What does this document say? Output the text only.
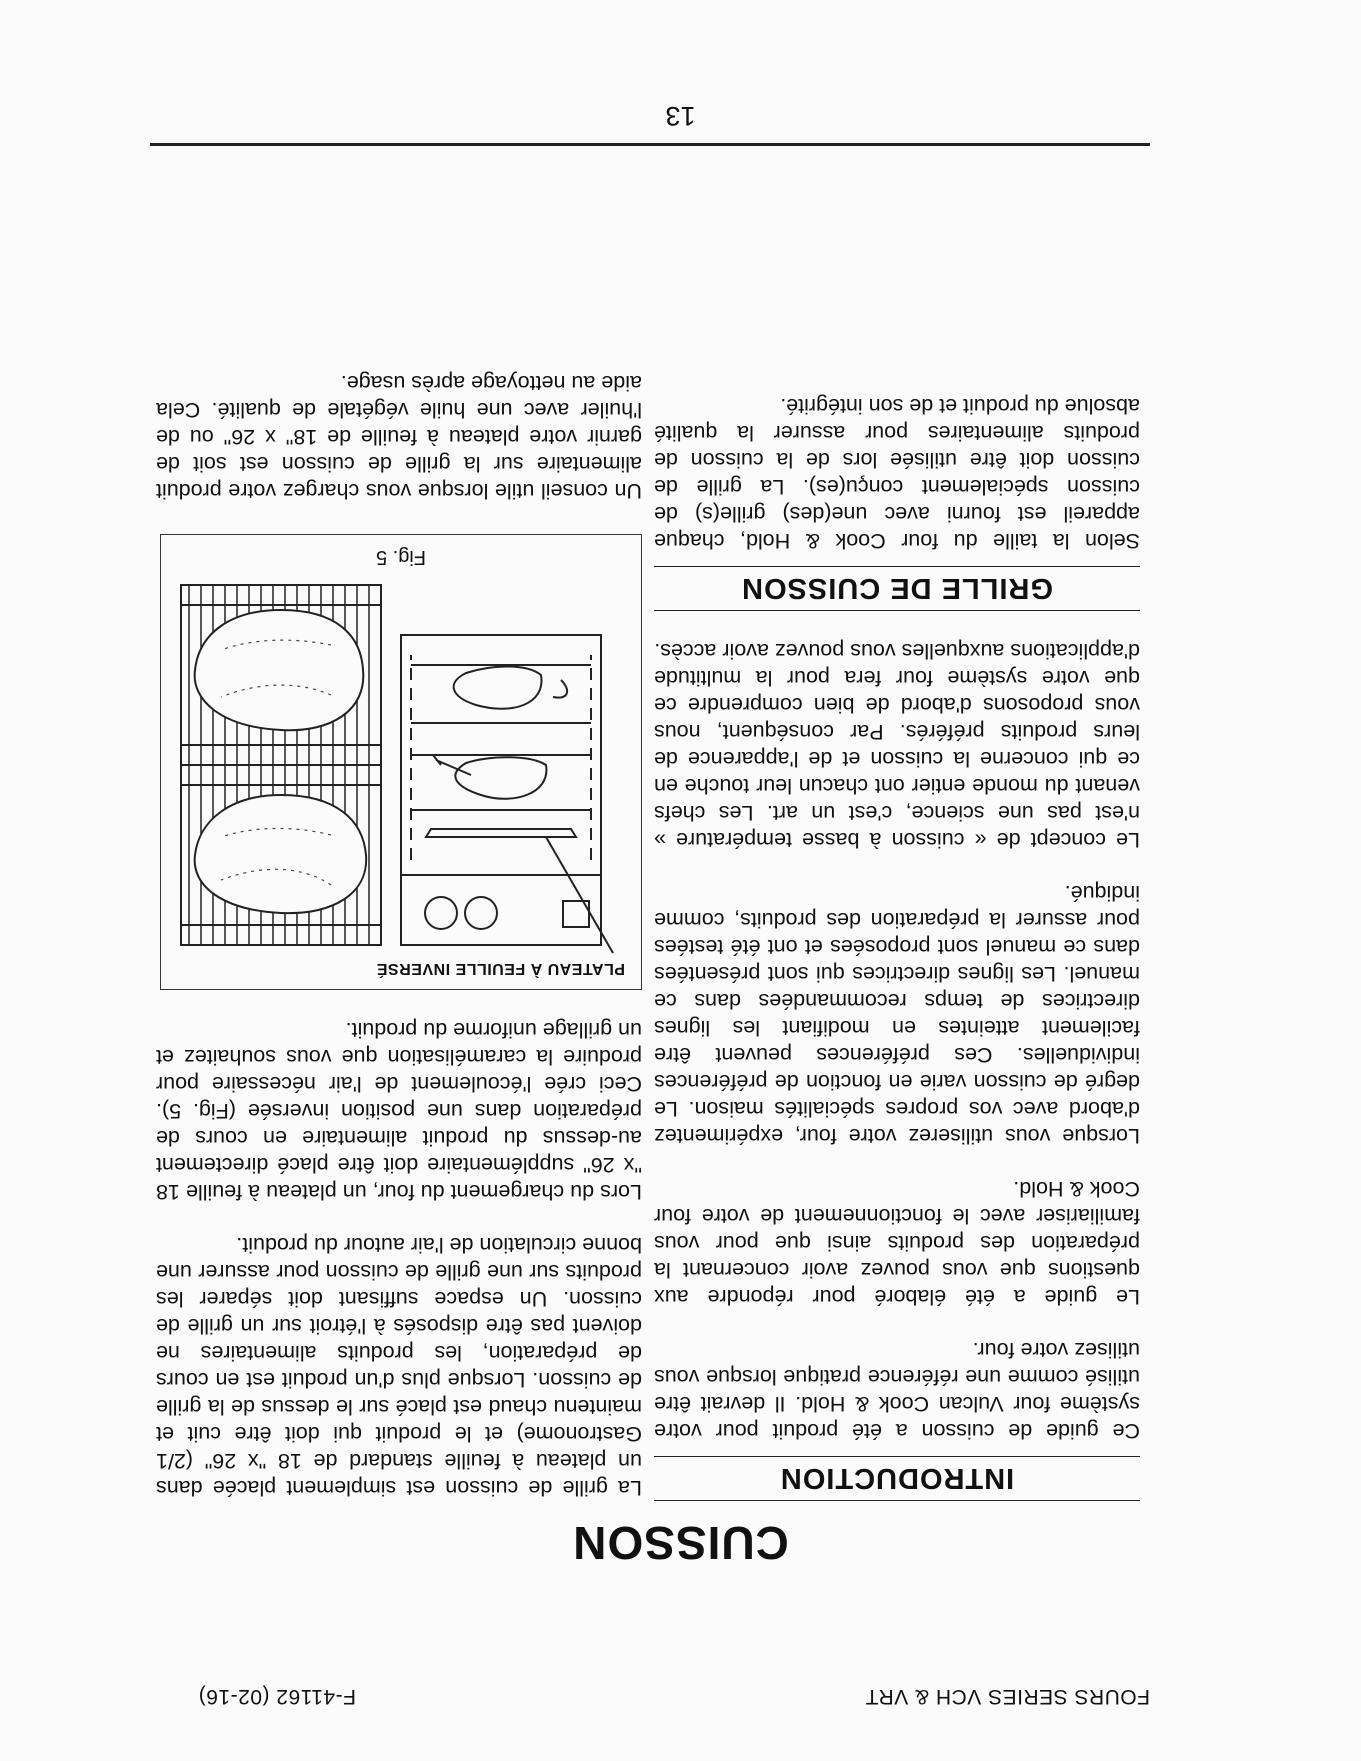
FOURS SERIES VCH & VRT
F-41162 (02-16)
CUISSON
INTRODUCTION

Ce guide de cuisson a été produit pour votre système four Vulcan Cook & Hold. Il devrait être utilisé comme une référence pratique lorsque vous utilisez votre four.

Le guide a été élaboré pour répondre aux questions que vous pouvez avoir concernant la préparation des produits ainsi que pour vous familiariser avec le fonctionnement de votre four Cook & Hold.

Lorsque vous utiliserez votre four, expérimentez d'abord avec vos propres spécialités maison. Le degré de cuisson varie en fonction de préférences individuelles. Ces préférences peuvent être facilement atteintes en modifiant les lignes directrices de temps recommandées dans ce manuel. Les lignes directrices qui sont présentées dans ce manuel sont proposées et ont été testées pour assurer la préparation des produits, comme indiqué.

Le concept de « cuisson à basse température » n'est pas une science, c'est un art. Les chefs venant du monde entier ont chacun leur touche en ce qui concerne la cuisson et de l'apparence de leurs produits préférés. Par conséquent, nous vous proposons d'abord de bien comprendre ce que votre système four fera pour la multitude d'applications auxquelles vous pouvez avoir accès.

GRILLE DE CUISSON

Selon la taille du four Cook & Hold, chaque appareil est fourni avec une(des) grille(s) de cuisson spécialement conçu(es). La grille de cuisson doit être utilisée lors de la cuisson de produits alimentaires pour assurer la qualité absolue du produit et de son intégrité.

La grille de cuisson est simplement placée dans un plateau à feuille standard de 18 "x 26" (2/1 Gastronome) et le produit qui doit être cuit et maintenu chaud est placé sur le dessus de la grille de cuisson. Lorsque plus d'un produit est en cours de préparation, les produits alimentaires ne doivent pas être disposés à l'étroit sur un grille de cuisson. Un espace suffisant doit séparer les produits sur une grille de cuisson pour assurer une bonne circulation de l'air autour du produit.

Lors du chargement du four, un plateau à feuille 18 "x 26" supplémentaire doit être placé directement au-dessus du produit alimentaire en cours de préparation dans une position inversée (Fig. 5). Ceci crée l'écoulement de l'air nécessaire pour produire la caramélisation que vous souhaitez et un grillage uniforme du produit.

PLATEAU À FEUILLE INVERSÉ
Fig. 5

Un conseil utile lorsque vous chargez votre produit alimentaire sur la grille de cuisson est soit de garnir votre plateau à feuille de 18" x 26" ou de l'huiler avec une huile végétale de qualité. Cela aide au nettoyage après usage.

13
